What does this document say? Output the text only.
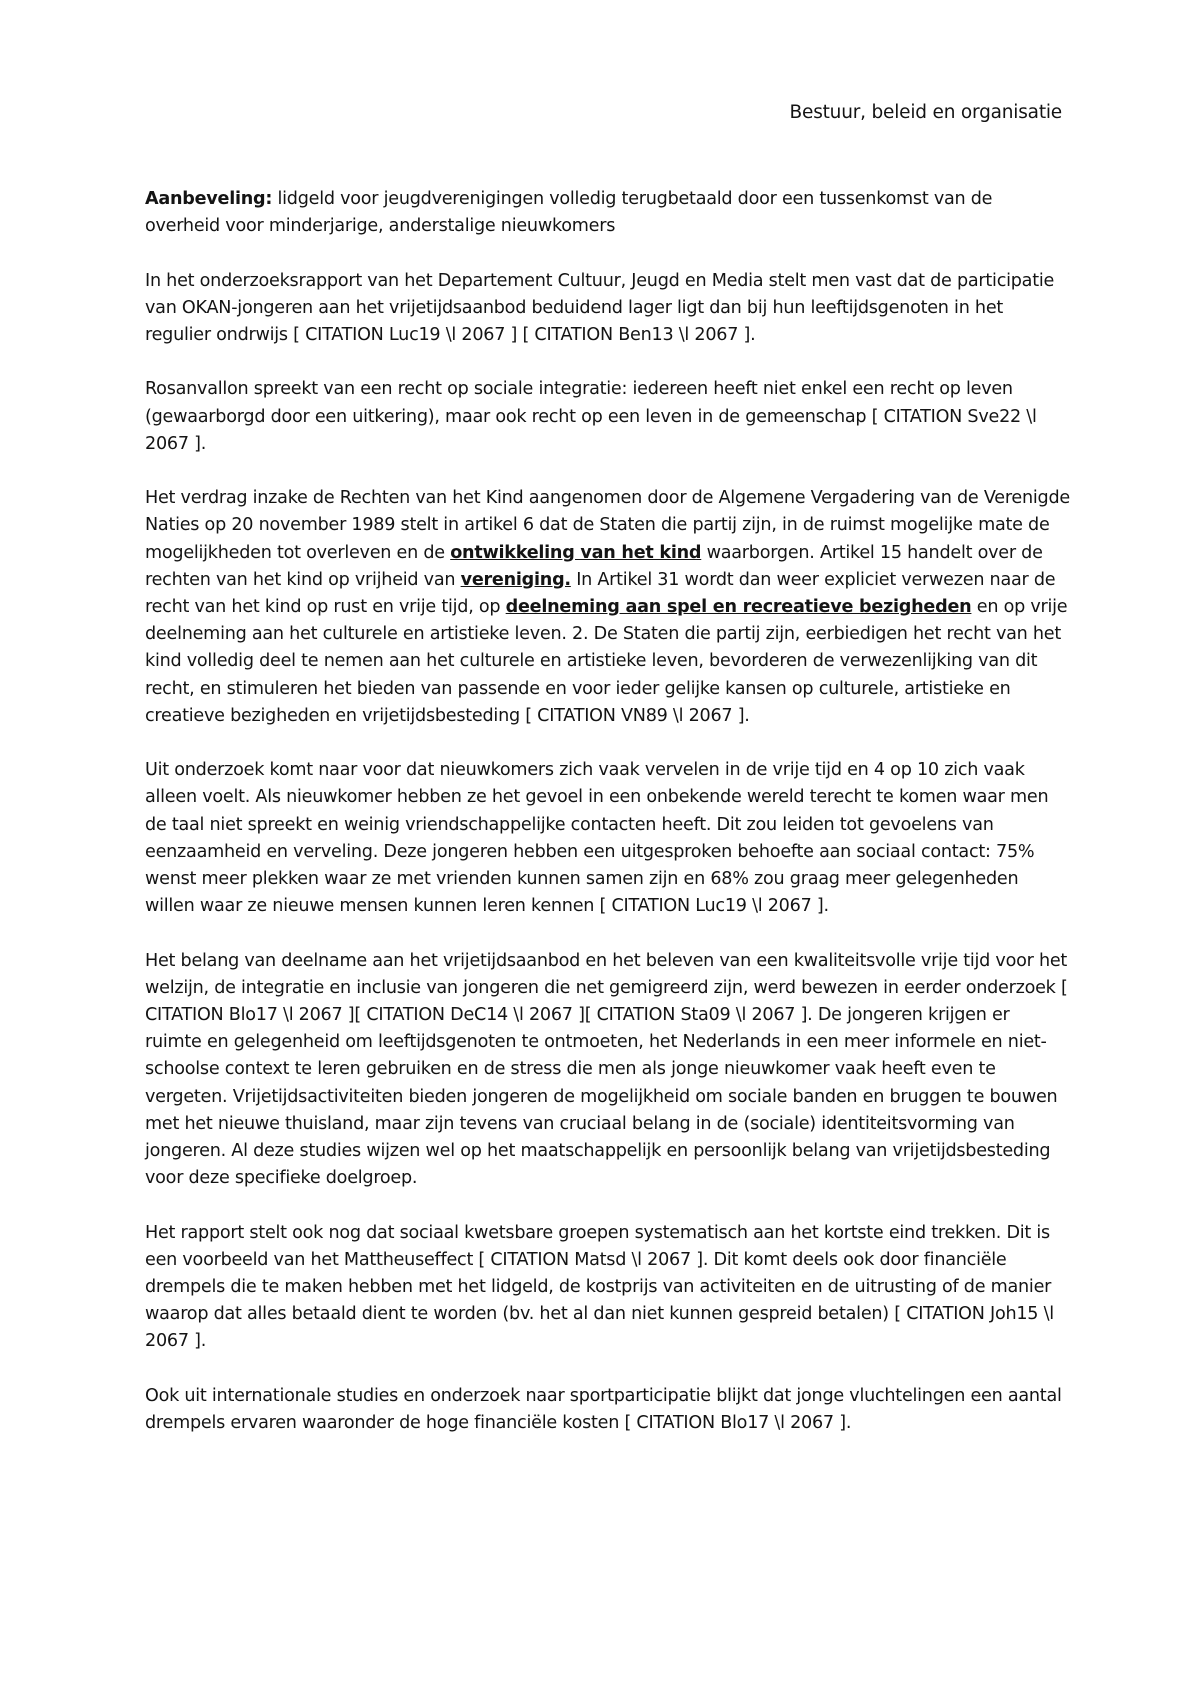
Bestuur, beleid en organisatie

Aanbeveling: lidgeld voor jeugdverenigingen volledig terugbetaald door een tussenkomst van de overheid voor minderjarige, anderstalige nieuwkomers

In het onderzoeksrapport van het Departement Cultuur, Jeugd en Media stelt men vast dat de participatie van OKAN-jongeren aan het vrijetijdsaanbod beduidend lager ligt dan bij hun leeftijdsgenoten in het regulier ondrwijs [ CITATION Luc19 \l 2067 ] [ CITATION Ben13 \l 2067 ].

Rosanvallon spreekt van een recht op sociale integratie: iedereen heeft niet enkel een recht op leven (gewaarborgd door een uitkering), maar ook recht op een leven in de gemeenschap [ CITATION Sve22 \l 2067 ].

Het verdrag inzake de Rechten van het Kind aangenomen door de Algemene Vergadering van de Verenigde Naties op 20 november 1989 stelt in artikel 6 dat de Staten die partij zijn, in de ruimst mogelijke mate de mogelijkheden tot overleven en de ontwikkeling van het kind waarborgen. Artikel 15 handelt over de rechten van het kind op vrijheid van vereniging. In Artikel 31 wordt dan weer expliciet verwezen naar de recht van het kind op rust en vrije tijd, op deelneming aan spel en recreatieve bezigheden en op vrije deelneming aan het culturele en artistieke leven. 2. De Staten die partij zijn, eerbiedigen het recht van het kind volledig deel te nemen aan het culturele en artistieke leven, bevorderen de verwezenlijking van dit recht, en stimuleren het bieden van passende en voor ieder gelijke kansen op culturele, artistieke en creatieve bezigheden en vrijetijdsbesteding [ CITATION VN89 \l 2067 ].

Uit onderzoek komt naar voor dat nieuwkomers zich vaak vervelen in de vrije tijd en 4 op 10 zich vaak alleen voelt. Als nieuwkomer hebben ze het gevoel in een onbekende wereld terecht te komen waar men de taal niet spreekt en weinig vriendschappelijke contacten heeft. Dit zou leiden tot gevoelens van eenzaamheid en verveling. Deze jongeren hebben een uitgesproken behoefte aan sociaal contact: 75% wenst meer plekken waar ze met vrienden kunnen samen zijn en 68% zou graag meer gelegenheden willen waar ze nieuwe mensen kunnen leren kennen [ CITATION Luc19 \l 2067 ].

Het belang van deelname aan het vrijetijdsaanbod en het beleven van een kwaliteitsvolle vrije tijd voor het welzijn, de integratie en inclusie van jongeren die net gemigreerd zijn, werd bewezen in eerder onderzoek [ CITATION Blo17 \l 2067 ][ CITATION DeC14 \l 2067 ][ CITATION Sta09 \l 2067 ]. De jongeren krijgen er ruimte en gelegenheid om leeftijdsgenoten te ontmoeten, het Nederlands in een meer informele en niet-schoolse context te leren gebruiken en de stress die men als jonge nieuwkomer vaak heeft even te vergeten. Vrijetijdsactiviteiten bieden jongeren de mogelijkheid om sociale banden en bruggen te bouwen met het nieuwe thuisland, maar zijn tevens van cruciaal belang in de (sociale) identiteitsvorming van jongeren. Al deze studies wijzen wel op het maatschappelijk en persoonlijk belang van vrijetijdsbesteding voor deze specifieke doelgroep.

Het rapport stelt ook nog dat sociaal kwetsbare groepen systematisch aan het kortste eind trekken. Dit is een voorbeeld van het Mattheuseffect [ CITATION Matsd \l 2067 ]. Dit komt deels ook door financiële drempels die te maken hebben met het lidgeld, de kostprijs van activiteiten en de uitrusting of de manier waarop dat alles betaald dient te worden (bv. het al dan niet kunnen gespreid betalen) [ CITATION Joh15 \l 2067 ].

Ook uit internationale studies en onderzoek naar sportparticipatie blijkt dat jonge vluchtelingen een aantal drempels ervaren waaronder de hoge financiële kosten [ CITATION Blo17 \l 2067 ].
